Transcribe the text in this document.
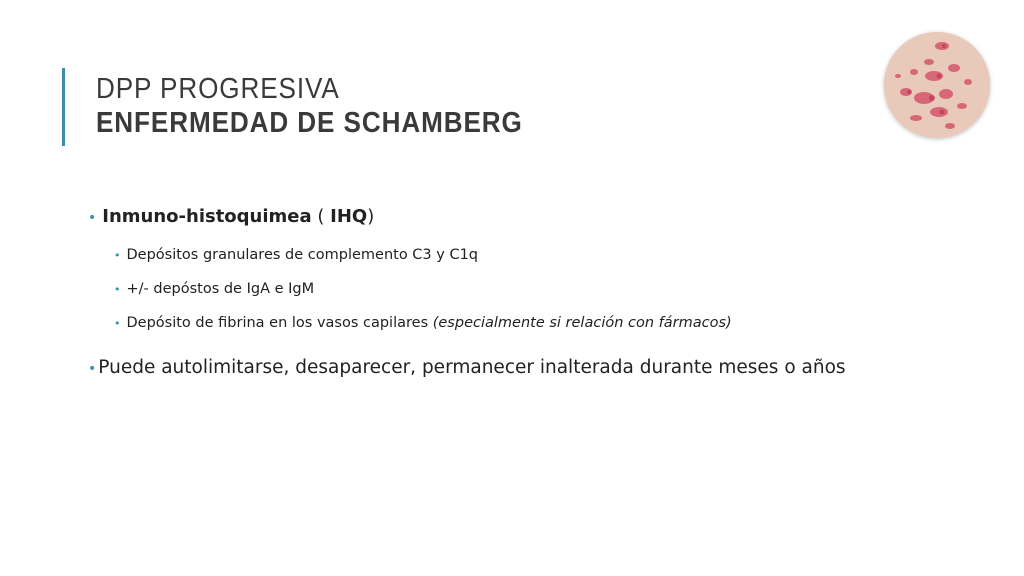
DPP PROGRESIVA
ENFERMEDAD DE SCHAMBERG
• Inmuno-histoquimea ( IHQ)
• Depósitos granulares de complemento C3 y C1q
• +/- depóstos de IgA e IgM
• Depósito de fibrina en los vasos capilares (especialmente si relación con fármacos)
• Puede autolimitarse, desaparecer, permanecer inalterada durante meses o años
